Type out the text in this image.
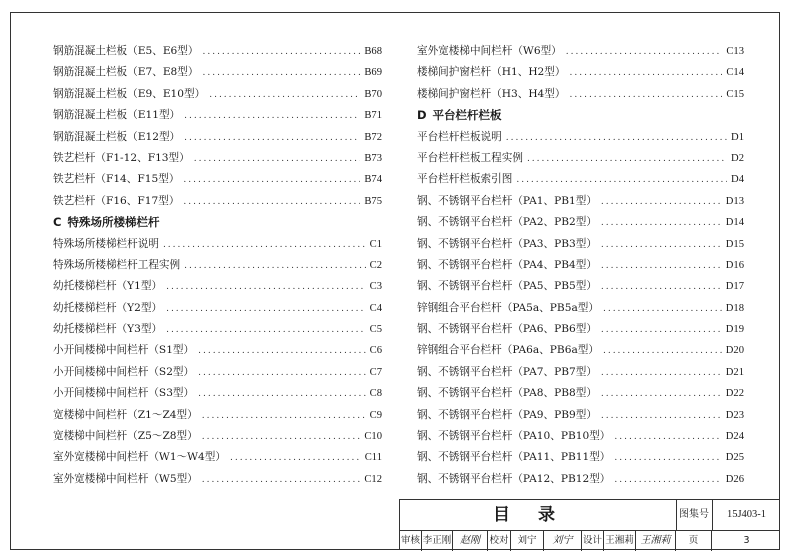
钢筋混凝土栏板（E5、E6型） .....	B68
钢筋混凝土栏板（E7、E8型） .....	B69
钢筋混凝土栏板（E9、E10型） .....	B70
钢筋混凝土栏板（E11型） .....	B71
钢筋混凝土栏板（E12型） .....	B72
铁艺栏杆（F1-12、F13型） .....	B73
铁艺栏杆（F14、F15型） .....	B74
铁艺栏杆（F16、F17型） .....	B75
C 特殊场所楼梯栏杆
特殊场所楼梯栏杆说明 .....	C1
特殊场所楼梯栏杆工程实例 .....	C2
幼托楼梯栏杆（Y1型） .....	C3
幼托楼梯栏杆（Y2型） .....	C4
幼托楼梯栏杆（Y3型） .....	C5
小开间楼梯中间栏杆（S1型） .....	C6
小开间楼梯中间栏杆（S2型） .....	C7
小开间楼梯中间栏杆（S3型） .....	C8
宽楼梯中间栏杆（Z1～Z4型） .....	C9
宽楼梯中间栏杆（Z5～Z8型） .....	C10
室外宽楼梯中间栏杆（W1～W4型） .....	C11
室外宽楼梯中间栏杆（W5型） .....	C12
室外宽楼梯中间栏杆（W6型） .....	C13
楼梯间护窗栏杆（H1、H2型） .....	C14
楼梯间护窗栏杆（H3、H4型） .....	C15
D 平台栏杆栏板
平台栏杆栏板说明 .....	D1
平台栏杆栏板工程实例 .....	D2
平台栏杆栏板索引图 .....	D4
钢、不锈钢平台栏杆（PA1、PB1型） .....	D13
钢、不锈钢平台栏杆（PA2、PB2型） .....	D14
钢、不锈钢平台栏杆（PA3、PB3型） .....	D15
钢、不锈钢平台栏杆（PA4、PB4型） .....	D16
钢、不锈钢平台栏杆（PA5、PB5型） .....	D17
锌钢组合平台栏杆（PA5a、PB5a型） .....	D18
钢、不锈钢平台栏杆（PA6、PB6型） .....	D19
锌钢组合平台栏杆（PA6a、PB6a型） .....	D20
钢、不锈钢平台栏杆（PA7、PB7型） .....	D21
钢、不锈钢平台栏杆（PA8、PB8型） .....	D22
钢、不锈钢平台栏杆（PA9、PB9型） .....	D23
钢、不锈钢平台栏杆（PA10、PB10型） .....	D24
钢、不锈钢平台栏杆（PA11、PB11型） .....	D25
钢、不锈钢平台栏杆（PA12、PB12型） .....	D26
目录	图集号	15J403-1
审核 李正刚 赵刚 校对 刘宁	刘宁	设计 王湘莉 王湘莉	页	3
